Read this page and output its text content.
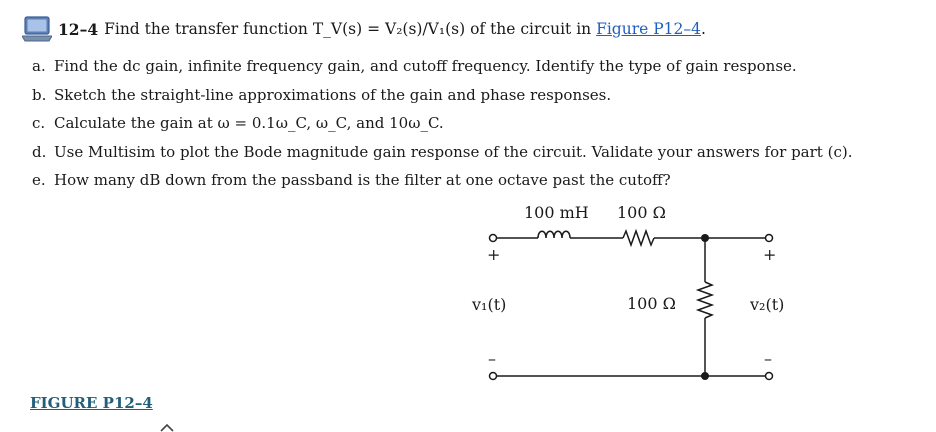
12–4 Find the transfer function T_V(s) = V₂(s)/V₁(s) of the circuit in Figure P12–4.
a. Find the dc gain, infinite frequency gain, and cutoff frequency. Identify the type of gain response.
b. Sketch the straight-line approximations of the gain and phase responses.
c. Calculate the gain at ω = 0.1ω_C, ω_C, and 10ω_C.
d. Use Multisim to plot the Bode magnitude gain response of the circuit. Validate your answers for part (c).
e. How many dB down from the passband is the filter at one octave past the cutoff?
100 mH 100 Ω
+	+
–	–
v₁(t)	100 Ω	v₂(t)
FIGURE P12–4
